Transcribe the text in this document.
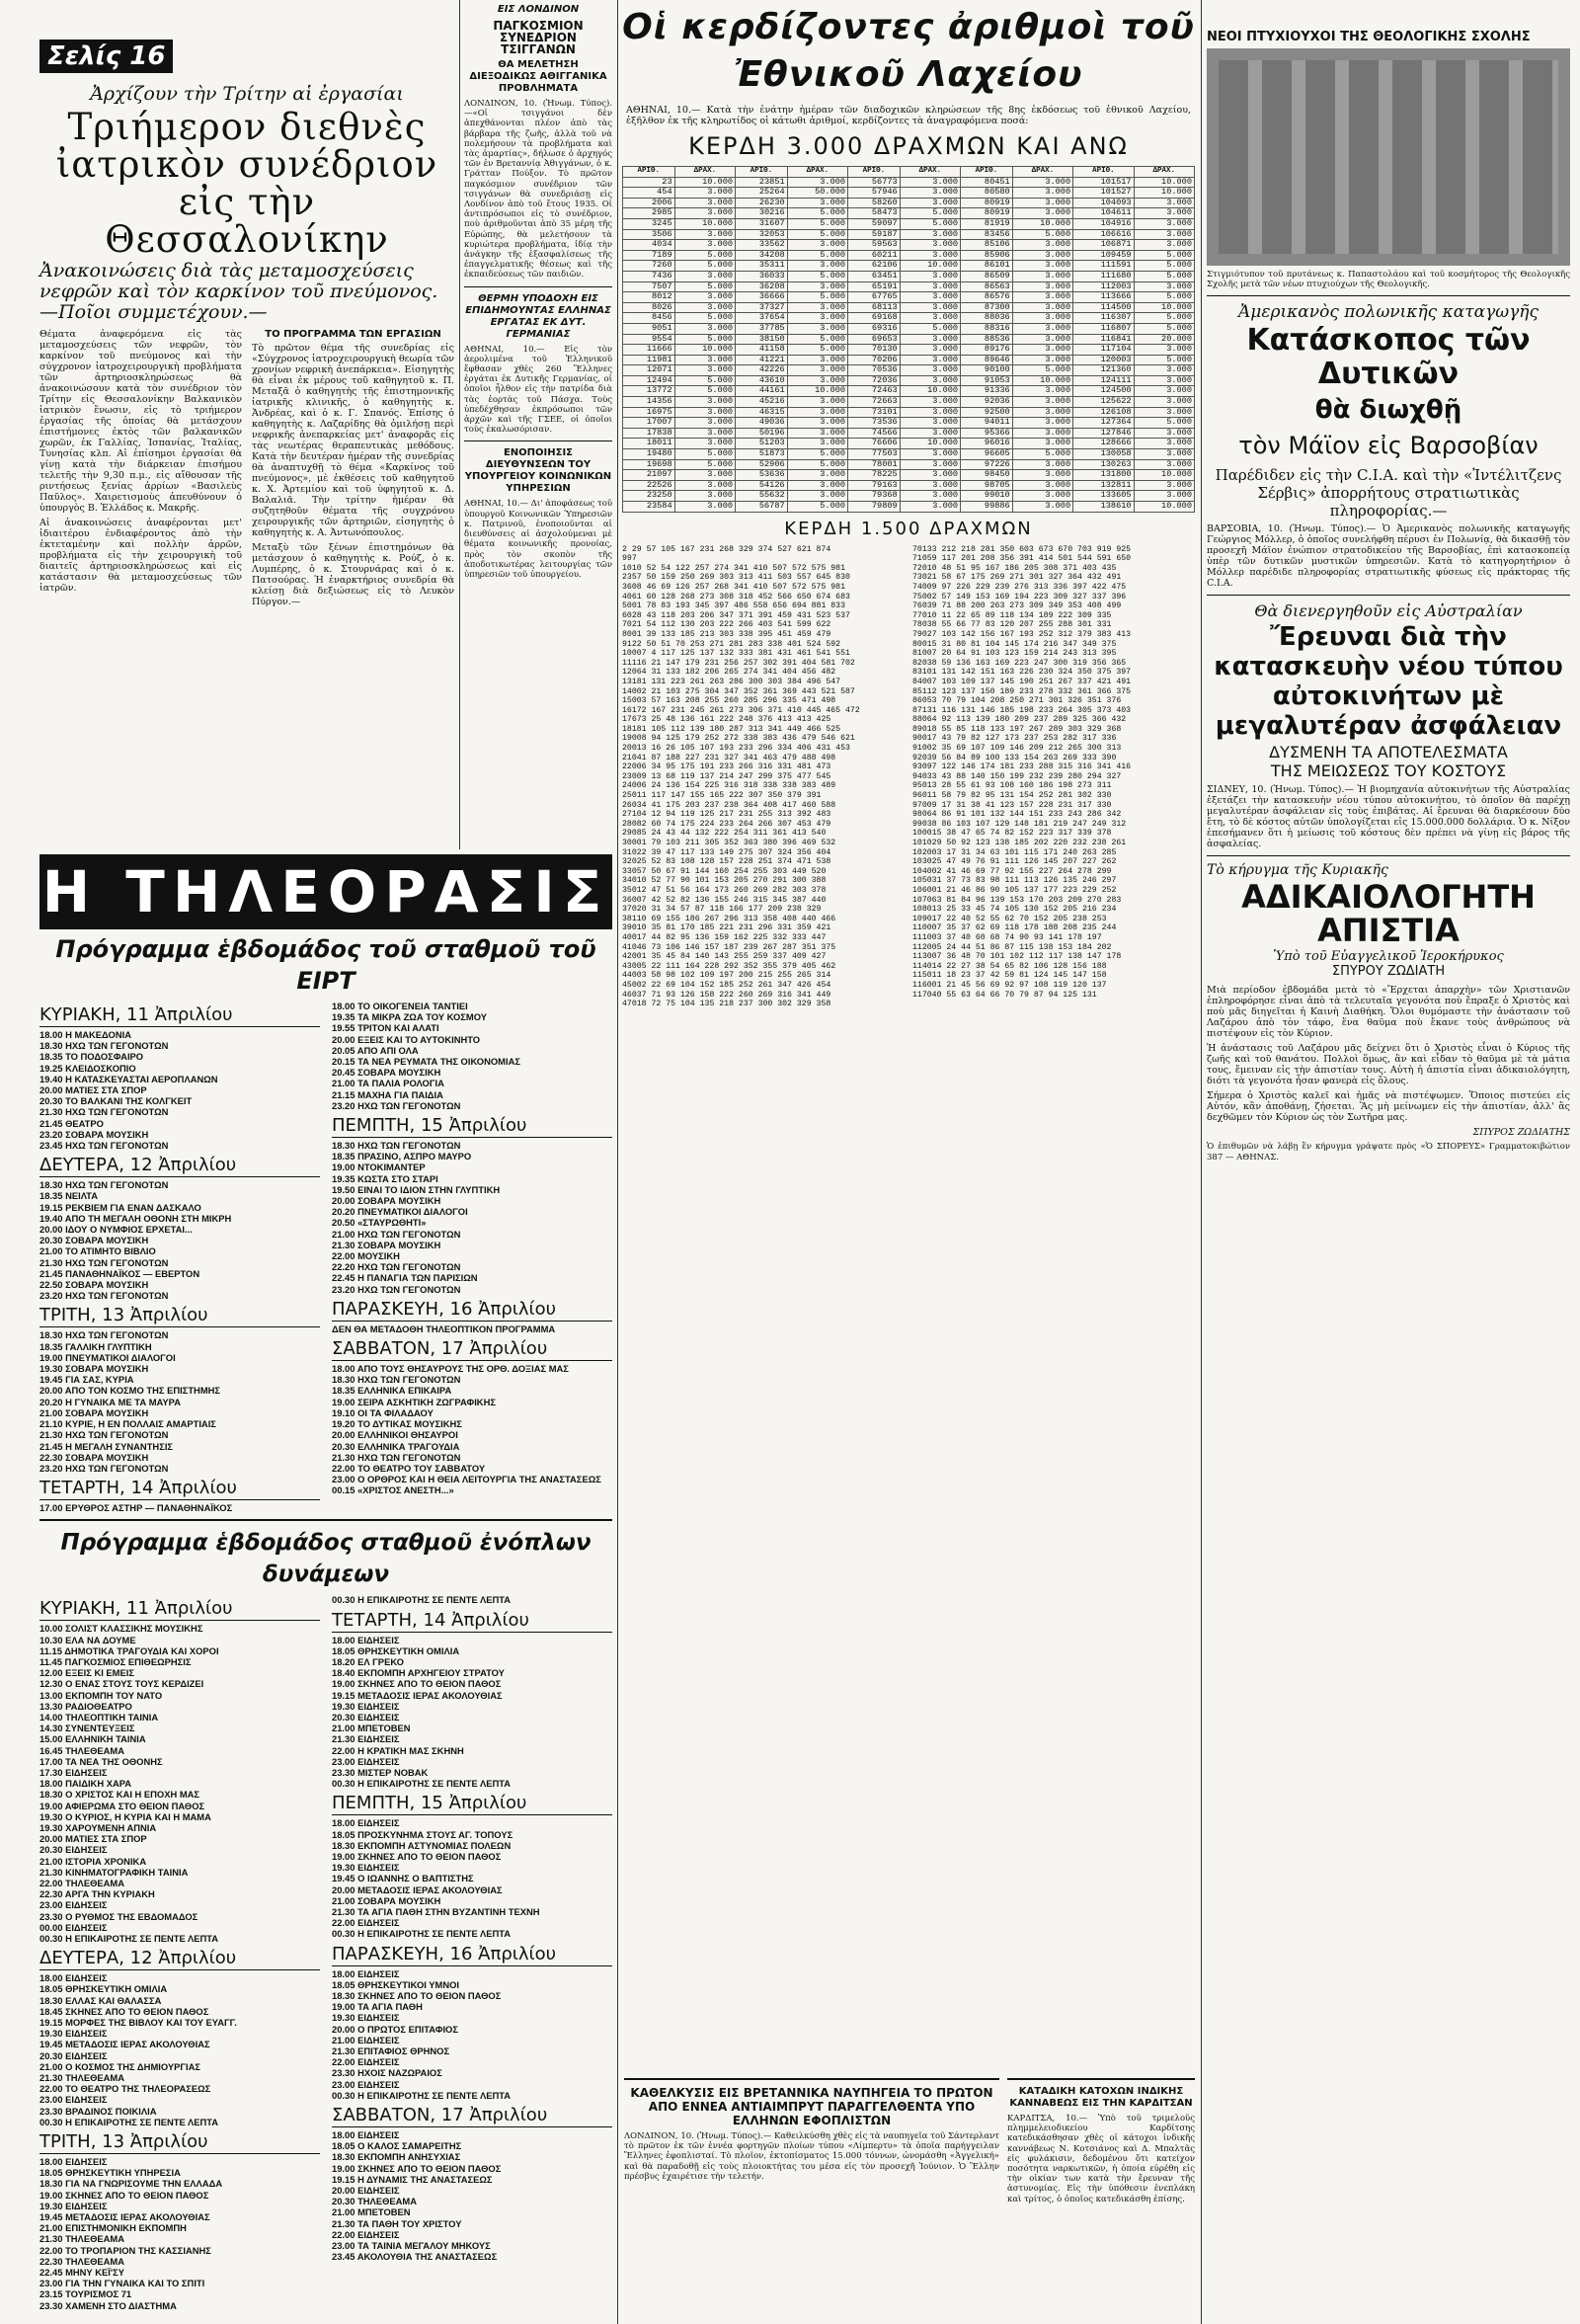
Σελίς 16
Ἀρχίζουν τὴν Τρίτην αἱ ἐργασίαι
Τριήμερον διεθνὲς ἰατρικὸν συνέδριον εἰς τὴν Θεσσαλονίκην
Ἀνακοινώσεις διὰ τὰς μεταμοσχεύσεις νεφρῶν καὶ τὸν καρκίνον τοῦ πνεύμονος.—Ποῖοι συμμετέχουν.—

Θέματα ἀναφερόμενα εἰς τὰς μεταμοσχεύσεις τῶν νεφρῶν, τὸν καρκίνον τοῦ πνεύμονος καὶ τὴν σύγχρονον ἰατροχειρουργικὴ προβλήματα τῶν ἀρτηριοσκληρώσεως θὰ ἀνακοινώσουν κατὰ τὸν συνέδριον τὸν Τρίτην εἰς Θεσσαλονίκην Βαλκανικὸν ἰατρικὸν ἕνωσιν, εἰς τὸ τριήμερον ἐργασίας τῆς ὁποίας θὰ μετάσχουν ἐπιστήμονες ἐκτὸς τῶν βαλκανικῶν χωρῶν, ἐκ Γαλλίας, Ἰσπανίας, Ἰταλίας, Τυνησίας κλπ. Αἱ ἐπίσημοι ἐργασίαι θὰ γίνῃ κατὰ τὴν διάρκειαν ἐπισήμου τελετῆς τὴν 9,30 π.μ., εἰς αἴθουσαν τῆς ριντήσεως ξενίας ἀρρίων «Βασιλεὺς Παῦλος». Χαιρετισμοὺς ἀπευθύνουν ὁ ὑπουργὸς Β. Ἑλλάδος κ. Μακρῆς.

Αἱ ἀνακοινώσεις ἀναφέρονται μετ' ἰδιαιτέρου ἐνδιαφέροντος ἀπὸ τὴν ἐκτεταμένην καὶ πολλὴν ἀρρῶν, προβλήματα εἰς τὴν χειρουργικὴ τοῦ διαιτεῖς ἀρτηριοσκληρώσεως καὶ εἰς κατάστασιν θὰ μεταμοσχεύσεως τῶν ἰατρῶν.

ΤΟ ΠΡΟΓΡΑΜΜΑ ΤΩΝ ΕΡΓΑΣΙΩΝ

Τὸ πρῶτον θέμα τῆς συνεδρίας εἰς «Σύγχρονος ἰατροχειρουργικὴ θεωρία τῶν χρονίων νεφρικὴ ἀνεπάρκεια». Εἰσηγητὴς θὰ εἶναι ἐκ μέρους τοῦ καθηγητοῦ κ. Π. Μεταξᾶ ὁ καθηγητὴς τῆς ἐπιστημονικῆς ἰατρικῆς κλινικῆς, ὁ καθηγητὴς κ. Ἀνδρέας, καὶ ὁ κ. Γ. Σπανός. Ἐπίσης ὁ καθηγητὴς κ. Λαζαρίδης θὰ ὁμιλήσῃ περὶ νεφρικῆς ἀνεπαρκείας μετ' ἀναφορᾶς εἰς τὰς νεωτέρας θεραπευτικὰς μεθόδους. Κατὰ τὴν δευτέραν ἡμέραν τῆς συνεδρίας θὰ ἀναπτυχθῇ τὸ θέμα «Καρκίνος τοῦ πνεύμονος», μὲ ἐκθέσεις τοῦ καθηγητοῦ κ. Χ. Ἀρτεμίου καὶ τοῦ ὑφηγητοῦ κ. Δ. Βαλαλιᾶ. Τὴν τρίτην ἡμέραν θὰ συζητηθοῦν θέματα τῆς συγχρόνου χειρουργικῆς τῶν ἀρτηριῶν, εἰσηγητὴς ὁ καθηγητὴς κ. Α. Ἀντωνόπουλος.

Μεταξὺ τῶν ξένων ἐπιστημόνων θὰ μετάσχουν ὁ καθηγητὴς κ. Ρούζ, ὁ κ. Λυμπέρης, ὁ κ. Στουρνάρας καὶ ὁ κ. Πατσούρας. Ἡ ἐναρκτήριος συνεδρία θὰ κλείσῃ διὰ δεξιώσεως εἰς τὸ Λευκὸν Πύργον.—

ΕΙΣ ΛΟΝΔΙΝΟΝ
ΠΑΓΚΟΣΜΙΟΝ ΣΥΝΕΔΡΙΟΝ ΤΣΙΓΓΑΝΩΝ
ΘΑ ΜΕΛΕΤΗΣΗ ΔΙΕΞΟΔΙΚΩΣ ΑΘΙΓΓΑΝΙΚΑ ΠΡΟΒΛΗΜΑΤΑ

ΛΟΝΔΙΝΟΝ, 10. (Ἠνωμ. Τύπος).—«Οἱ τσιγγάνοι δὲν ἀπεχθάνονται πλέον ἀπὸ τὰς βάρβαρα τῆς ζωῆς, ἀλλὰ τοῦ νὰ πολεμήσουν τὰ προβλήματα καὶ τὰς ἀμαρτίας», δήλωσε ὁ ἀρχηγός τῶν ἐν Βρεταννίᾳ Ἀθιγγάνων, ὁ κ. Γράτταν Πούξον. Τὸ πρῶτον παγκόσμιον συνέδριον τῶν τσιγγάνων θὰ συνεδριάσῃ εἰς Λονδίνον ἀπὸ τοῦ ἔτους 1935. Οἱ ἀντιπρόσωποι εἰς τὸ συνέδριον, ποὺ ἀριθμοῦνται ἀπὸ 35 μέρη τῆς Εὐρώπης, θὰ μελετήσουν τὰ κυριώτερα προβλήματα, ἰδίᾳ τὴν ἀνάγκην τῆς ἐξασφαλίσεως τῆς ἐπαγγελματικῆς θέσεως καὶ τῆς ἐκπαιδεύσεως τῶν παιδιῶν.

ΘΕΡΜΗ ΥΠΟΔΟΧΗ ΕΙΣ ΕΠΙΔΗΜΟΥΝΤΑΣ ΕΛΛΗΝΑΣ ΕΡΓΑΤΑΣ ΕΚ ΔΥΤ. ΓΕΡΜΑΝΙΑΣ

ΑΘΗΝΑΙ, 10.— Εἰς τὸν ἀερολιμένα τοῦ Ἑλληνικοῦ ἔφθασαν χθὲς 260 Ἕλληνες ἐργάται ἐκ Δυτικῆς Γερμανίας, οἱ ὁποῖοι ἦλθον εἰς τὴν πατρίδα διὰ τὰς ἑορτὰς τοῦ Πάσχα. Τοὺς ὑπεδέχθησαν ἐκπρόσωποι τῶν ἀρχῶν καὶ τῆς ΓΣΕΕ, οἱ ὁποῖοι τοὺς ἐκαλωσόρισαν.

ΕΝΟΠΟΙΗΣΙΣ ΔΙΕΥΘΥΝΣΕΩΝ ΤΟΥ ΥΠΟΥΡΓΕΙΟΥ ΚΟΙΝΩΝΙΚΩΝ ΥΠΗΡΕΣΙΩΝ

ΑΘΗΝΑΙ, 10.— Δι' ἀποφάσεως τοῦ ὑπουργοῦ Κοινωνικῶν Ὑπηρεσιῶν κ. Πατρινοῦ, ἑνοποιοῦνται αἱ διευθύνσεις αἱ ἀσχολούμεναι μὲ θέματα κοινωνικῆς προνοίας, πρὸς τὸν σκοπὸν τῆς ἀποδοτικωτέρας λειτουργίας τῶν ὑπηρεσιῶν τοῦ ὑπουργείου.

Η ΤΗΛΕΟΡΑΣΙΣ
Πρόγραμμα ἑβδομάδος τοῦ σταθμοῦ τοῦ ΕΙΡΤ
ΚΥΡΙΑΚΗ, 11 Ἀπριλίου
18.00 Η ΜΑΚΕΔΟΝΙΑ
18.30 ΗΧΩ ΤΩΝ ΓΕΓΟΝΟΤΩΝ
18.35 ΤΟ ΠΟΔΟΣΦΑΙΡΟ
19.25 ΚΛΕΙΔΟΣΚΟΠΙΟ
19.40 Η ΚΑΤΑΣΚΕΥΑΣΤΑΙ ΑΕΡΟΠΛΑΝΩΝ
20.00 ΜΑΤΙΕΣ ΣΤΑ ΣΠΟΡ
20.30 ΤΟ ΒΑΛΚΑΝΙ ΤΗΣ ΚΟΛΓΚΕΙΤ
21.30 ΗΧΩ ΤΩΝ ΓΕΓΟΝΟΤΩΝ
21.45 ΘΕΑΤΡΟ
23.20 ΣΟΒΑΡΑ ΜΟΥΣΙΚΗ
23.45 ΗΧΩ ΤΩΝ ΓΕΓΟΝΟΤΩΝ
ΔΕΥΤΕΡΑ, 12 Ἀπριλίου
18.30 ΗΧΩ ΤΩΝ ΓΕΓΟΝΟΤΩΝ
18.35 ΝΕΙΛΤΑ
19.15 ΡΕΚΒΙΕΜ ΓΙΑ ΕΝΑΝ ΔΑΣΚΑΛΟ
19.40 ΑΠΟ ΤΗ ΜΕΓΑΛΗ ΟΘΟΝΗ ΣΤΗ ΜΙΚΡΗ
20.00 ΙΔΟΥ Ο ΝΥΜΦΙΟΣ ΕΡΧΕΤΑΙ...
20.30 ΣΟΒΑΡΑ ΜΟΥΣΙΚΗ
21.00 ΤΟ ΑΤΙΜΗΤΟ ΒΙΒΛΙΟ
21.30 ΗΧΩ ΤΩΝ ΓΕΓΟΝΟΤΩΝ
21.45 ΠΑΝΑΘΗΝΑΪΚΟΣ — ΕΒΕΡΤΟΝ
22.50 ΣΟΒΑΡΑ ΜΟΥΣΙΚΗ
23.20 ΗΧΩ ΤΩΝ ΓΕΓΟΝΟΤΩΝ
ΤΡΙΤΗ, 13 Ἀπριλίου
18.30 ΗΧΩ ΤΩΝ ΓΕΓΟΝΟΤΩΝ
18.35 ΓΑΛΛΙΚΗ ΓΛΥΠΤΙΚΗ
19.00 ΠΝΕΥΜΑΤΙΚΟΙ ΔΙΑΛΟΓΟΙ
19.30 ΣΟΒΑΡΑ ΜΟΥΣΙΚΗ
19.45 ΓΙΑ ΣΑΣ, ΚΥΡΙΑ
20.00 ΑΠΟ ΤΟΝ ΚΟΣΜΟ ΤΗΣ ΕΠΙΣΤΗΜΗΣ
20.20 Η ΓΥΝΑΙΚΑ ΜΕ ΤΑ ΜΑΥΡΑ
21.00 ΣΟΒΑΡΑ ΜΟΥΣΙΚΗ
21.10 ΚΥΡΙΕ, Η ΕΝ ΠΟΛΛΑΙΣ ΑΜΑΡΤΙΑΙΣ
21.30 ΗΧΩ ΤΩΝ ΓΕΓΟΝΟΤΩΝ
21.45 Η ΜΕΓΑΛΗ ΣΥΝΑΝΤΗΣΙΣ
22.30 ΣΟΒΑΡΑ ΜΟΥΣΙΚΗ
23.20 ΗΧΩ ΤΩΝ ΓΕΓΟΝΟΤΩΝ
ΤΕΤΑΡΤΗ, 14 Ἀπριλίου
17.00 ΕΡΥΘΡΟΣ ΑΣΤΗΡ — ΠΑΝΑΘΗΝΑΪΚΟΣ
18.00 ΤΟ ΟΙΚΟΓΕΝΕΙΑ ΤΑΝΤΙΕΙ
19.35 ΤΑ ΜΙΚΡΑ ΖΩΑ ΤΟΥ ΚΟΣΜΟΥ
19.55 ΤΡΙΤΟΝ ΚΑΙ ΑΛΑΤΙ
20.00 ΕΞΕΙΣ ΚΑΙ ΤΟ ΑΥΤΟΚΙΝΗΤΟ
20.05 ΑΠΟ ΑΠΙ ΟΛΑ
20.15 ΤΑ ΝΕΑ ΡΕΥΜΑΤΑ ΤΗΣ ΟΙΚΟΝΟΜΙΑΣ
20.45 ΣΟΒΑΡΑ ΜΟΥΣΙΚΗ
21.00 ΤΑ ΠΑΛΙΑ ΡΟΛΟΓΙΑ
21.15 ΜΑΧΗΑ ΓΙΑ ΠΑΙΔΙΑ
23.20 ΗΧΩ ΤΩΝ ΓΕΓΟΝΟΤΩΝ
ΠΕΜΠΤΗ, 15 Ἀπριλίου
18.30 ΗΧΩ ΤΩΝ ΓΕΓΟΝΟΤΩΝ
18.35 ΠΡΑΣΙΝΟ, ΑΣΠΡΟ ΜΑΥΡΟ
19.00 ΝΤΟΚΙΜΑΝΤΕΡ
19.35 ΚΩΣΤΑ ΣΤΟ ΣΤΑΡΙ
19.50 ΕΙΝΑΙ ΤΟ ΙΔΙΟΝ ΣΤΗΝ ΓΛΥΠΤΙΚΗ
20.00 ΣΟΒΑΡΑ ΜΟΥΣΙΚΗ
20.20 ΠΝΕΥΜΑΤΙΚΟΙ ΔΙΑΛΟΓΟΙ
20.50 «ΣΤΑΥΡΩΘΗΤΙ»
21.00 ΗΧΩ ΤΩΝ ΓΕΓΟΝΟΤΩΝ
21.30 ΣΟΒΑΡΑ ΜΟΥΣΙΚΗ
22.00 ΜΟΥΣΙΚΗ
22.20 ΗΧΩ ΤΩΝ ΓΕΓΟΝΟΤΩΝ
22.45 Η ΠΑΝΑΓΙΑ ΤΩΝ ΠΑΡΙΣΙΩΝ
23.20 ΗΧΩ ΤΩΝ ΓΕΓΟΝΟΤΩΝ
ΠΑΡΑΣΚΕΥΗ, 16 Ἀπριλίου
ΔΕΝ ΘΑ ΜΕΤΑΔΟΘΗ ΤΗΛΕΟΠΤΙΚΟΝ ΠΡΟΓΡΑΜΜΑ
ΣΑΒΒΑΤΟΝ, 17 Ἀπριλίου
18.00 ΑΠΟ ΤΟΥΣ ΘΗΣΑΥΡΟΥΣ ΤΗΣ ΟΡΘ. ΔΟΞΙΑΣ ΜΑΣ
18.30 ΗΧΩ ΤΩΝ ΓΕΓΟΝΟΤΩΝ
18.35 ΕΛΛΗΝΙΚΑ ΕΠΙΚΑΙΡΑ
19.00 ΣΕΙΡΑ ΑΣΚΗΤΙΚΗ ΖΩΓΡΑΦΙΚΗΣ
19.10 ΟΙ ΤΑ ΦΙΛΑΔΑΟΥ
19.20 ΤΟ ΔΥΤΙΚΑΣ ΜΟΥΣΙΚΗΣ
20.00 ΕΛΛΗΝΙΚΟΙ ΘΗΣΑΥΡΟΙ
20.30 ΕΛΛΗΝΙΚΑ ΤΡΑΓΟΥΔΙΑ
21.30 ΗΧΩ ΤΩΝ ΓΕΓΟΝΟΤΩΝ
22.00 ΤΟ ΘΕΑΤΡΟ ΤΟΥ ΣΑΒΒΑΤΟΥ
23.00 Ο ΟΡΘΡΟΣ ΚΑΙ Η ΘΕΙΑ ΛΕΙΤΟΥΡΓΙΑ ΤΗΣ ΑΝΑΣΤΑΣΕΩΣ
00.15 «ΧΡΙΣΤΟΣ ΑΝΕΣΤΗ...»
Πρόγραμμα ἑβδομάδος σταθμοῦ ἐνόπλων δυνάμεων
ΚΥΡΙΑΚΗ, 11 Ἀπριλίου
10.00 ΣΟΛΙΣΤ ΚΛΑΣΣΙΚΗΣ ΜΟΥΣΙΚΗΣ
10.30 ΕΛΑ ΝΑ ΔΟΥΜΕ
11.15 ΔΗΜΟΤΙΚΑ ΤΡΑΓΟΥΔΙΑ ΚΑΙ ΧΟΡΟΙ
11.45 ΠΑΓΚΟΣΜΙΟΣ ΕΠΙΘΕΩΡΗΣΙΣ
12.00 ΕΞΕΙΣ ΚΙ ΕΜΕΙΣ
12.30 Ο ΕΝΑΣ ΣΤΟΥΣ ΤΟΥΣ ΚΕΡΔΙΖΕΙ
13.00 ΕΚΠΟΜΠΗ ΤΟΥ ΝΑΤΟ
13.30 ΡΑΔΙΟΘΕΑΤΡΟ
14.00 ΤΗΛΕΟΠΤΙΚΗ ΤΑΙΝΙΑ
14.30 ΣΥΝΕΝΤΕΥΞΕΙΣ
15.00 ΕΛΛΗΝΙΚΗ ΤΑΙΝΙΑ
16.45 ΤΗΛΕΘΕΑΜΑ
17.00 ΤΑ ΝΕΑ ΤΗΣ ΟΘΟΝΗΣ
17.30 ΕΙΔΗΣΕΙΣ
18.00 ΠΑΙΔΙΚΗ ΧΑΡΑ
18.30 Ο ΧΡΙΣΤΟΣ ΚΑΙ Η ΕΠΟΧΗ ΜΑΣ
19.00 ΑΦΙΕΡΩΜΑ ΣΤΟ ΘΕΙΟΝ ΠΑΘΟΣ
19.30 Ο ΚΥΡΙΟΣ, Η ΚΥΡΙΑ ΚΑΙ Η ΜΑΜΑ
19.30 ΧΑΡΟΥΜΕΝΗ ΑΠΝΙΑ
20.00 ΜΑΤΙΕΣ ΣΤΑ ΣΠΟΡ
20.30 ΕΙΔΗΣΕΙΣ
21.00 ΙΣΤΟΡΙΑ ΧΡΟΝΙΚΑ
21.30 ΚΙΝΗΜΑΤΟΓΡΑΦΙΚΗ ΤΑΙΝΙΑ
22.00 ΤΗΛΕΘΕΑΜΑ
22.30 ΑΡΓΑ ΤΗΝ ΚΥΡΙΑΚΗ
23.00 ΕΙΔΗΣΕΙΣ
23.30 Ο ΡΥΘΜΟΣ ΤΗΣ ΕΒΔΟΜΑΔΟΣ
00.00 ΕΙΔΗΣΕΙΣ
00.30 Η ΕΠΙΚΑΙΡΟΤΗΣ ΣΕ ΠΕΝΤΕ ΛΕΠΤΑ
ΔΕΥΤΕΡΑ, 12 Ἀπριλίου
18.00 ΕΙΔΗΣΕΙΣ
18.05 ΘΡΗΣΚΕΥΤΙΚΗ ΟΜΙΛΙΑ
18.30 ΕΛΛΑΣ ΚΑΙ ΘΑΛΑΣΣΑ
18.45 ΣΚΗΝΕΣ ΑΠΟ ΤΟ ΘΕΙΟΝ ΠΑΘΟΣ
19.15 ΜΟΡΦΕΣ ΤΗΣ ΒΙΒΛΟΥ ΚΑΙ ΤΟΥ ΕΥΑΓΓ.
19.30 ΕΙΔΗΣΕΙΣ
19.45 ΜΕΤΑΔΟΣΙΣ ΙΕΡΑΣ ΑΚΟΛΟΥΘΙΑΣ
20.30 ΕΙΔΗΣΕΙΣ
21.00 Ο ΚΟΣΜΟΣ ΤΗΣ ΔΗΜΙΟΥΡΓΙΑΣ
21.30 ΤΗΛΕΘΕΑΜΑ
22.00 ΤΟ ΘΕΑΤΡΟ ΤΗΣ ΤΗΛΕΟΡΑΣΕΩΣ
23.00 ΕΙΔΗΣΕΙΣ
23.30 ΒΡΑΔΙΝΟΣ ΠΟΙΚΙΛΙΑ
00.30 Η ΕΠΙΚΑΙΡΟΤΗΣ ΣΕ ΠΕΝΤΕ ΛΕΠΤΑ
ΤΡΙΤΗ, 13 Ἀπριλίου
18.00 ΕΙΔΗΣΕΙΣ
18.05 ΘΡΗΣΚΕΥΤΙΚΗ ΥΠΗΡΕΣΙΑ
18.30 ΓΙΑ ΝΑ ΓΝΩΡΙΣΟΥΜΕ ΤΗΝ ΕΛΛΑΔΑ
19.00 ΣΚΗΝΕΣ ΑΠΟ ΤΟ ΘΕΙΟΝ ΠΑΘΟΣ
19.30 ΕΙΔΗΣΕΙΣ
19.45 ΜΕΤΑΔΟΣΙΣ ΙΕΡΑΣ ΑΚΟΛΟΥΘΙΑΣ
21.00 ΕΠΙΣΤΗΜΟΝΙΚΗ ΕΚΠΟΜΠΗ
21.30 ΤΗΛΕΘΕΑΜΑ
22.00 ΤΟ ΤΡΟΠΑΡΙΟΝ ΤΗΣ ΚΑΣΣΙΑΝΗΣ
22.30 ΤΗΛΕΘΕΑΜΑ
22.45 ΜΗΝΥ ΚΕΪ'ΣΥ
23.00 ΓΙΑ ΤΗΝ ΓΥΝΑΙΚΑ ΚΑΙ ΤΟ ΣΠΙΤΙ
23.15 ΤΟΥΡΙΣΜΟΣ 71
23.30 ΧΑΜΕΝΗ ΣΤΟ ΔΙΑΣΤΗΜΑ
00.30 Η ΕΠΙΚΑΙΡΟΤΗΣ ΣΕ ΠΕΝΤΕ ΛΕΠΤΑ
ΤΕΤΑΡΤΗ, 14 Ἀπριλίου
18.00 ΕΙΔΗΣΕΙΣ
18.05 ΘΡΗΣΚΕΥΤΙΚΗ ΟΜΙΛΙΑ
18.20 ΕΛ ΓΡΕΚΟ
18.40 ΕΚΠΟΜΠΗ ΑΡΧΗΓΕΙΟΥ ΣΤΡΑΤΟΥ
19.00 ΣΚΗΝΕΣ ΑΠΟ ΤΟ ΘΕΙΟΝ ΠΑΘΟΣ
19.15 ΜΕΤΑΔΟΣΙΣ ΙΕΡΑΣ ΑΚΟΛΟΥΘΙΑΣ
19.30 ΕΙΔΗΣΕΙΣ
20.30 ΕΙΔΗΣΕΙΣ
21.00 ΜΠΕΤΟΒΕΝ
21.30 ΕΙΔΗΣΕΙΣ
22.00 Η ΚΡΑΤΙΚΗ ΜΑΣ ΣΚΗΝΗ
23.00 ΕΙΔΗΣΕΙΣ
23.30 ΜΙΣΤΕΡ ΝΟΒΑΚ
00.30 Η ΕΠΙΚΑΙΡΟΤΗΣ ΣΕ ΠΕΝΤΕ ΛΕΠΤΑ
ΠΕΜΠΤΗ, 15 Ἀπριλίου
18.00 ΕΙΔΗΣΕΙΣ
18.05 ΠΡΟΣΚΥΝΗΜΑ ΣΤΟΥΣ ΑΓ. ΤΟΠΟΥΣ
18.30 ΕΚΠΟΜΠΗ ΑΣΤΥΝΟΜΙΑΣ ΠΟΛΕΩΝ
19.00 ΣΚΗΝΕΣ ΑΠΟ ΤΟ ΘΕΙΟΝ ΠΑΘΟΣ
19.30 ΕΙΔΗΣΕΙΣ
19.45 Ο ΙΩΑΝΝΗΣ Ο ΒΑΠΤΙΣΤΗΣ
20.00 ΜΕΤΑΔΟΣΙΣ ΙΕΡΑΣ ΑΚΟΛΟΥΘΙΑΣ
21.00 ΣΟΒΑΡΑ ΜΟΥΣΙΚΗ
21.30 ΤΑ ΑΓΙΑ ΠΑΘΗ ΣΤΗΝ ΒΥΖΑΝΤΙΝΗ ΤΕΧΝΗ
22.00 ΕΙΔΗΣΕΙΣ
00.30 Η ΕΠΙΚΑΙΡΟΤΗΣ ΣΕ ΠΕΝΤΕ ΛΕΠΤΑ
ΠΑΡΑΣΚΕΥΗ, 16 Ἀπριλίου
18.00 ΕΙΔΗΣΕΙΣ
18.05 ΘΡΗΣΚΕΥΤΙΚΟΙ ΥΜΝΟΙ
18.30 ΣΚΗΝΕΣ ΑΠΟ ΤΟ ΘΕΙΟΝ ΠΑΘΟΣ
19.00 ΤΑ ΑΓΙΑ ΠΑΘΗ
19.30 ΕΙΔΗΣΕΙΣ
20.00 Ο ΠΡΩΤΟΣ ΕΠΙΤΑΦΙΟΣ
21.00 ΕΙΔΗΣΕΙΣ
21.30 ΕΠΙΤΑΦΙΟΣ ΘΡΗΝΟΣ
22.00 ΕΙΔΗΣΕΙΣ
23.30 ΗΧΟΙΣ ΝΑΖΩΡΑΙΟΣ
23.00 ΕΙΔΗΣΕΙΣ
00.30 Η ΕΠΙΚΑΙΡΟΤΗΣ ΣΕ ΠΕΝΤΕ ΛΕΠΤΑ
ΣΑΒΒΑΤΟΝ, 17 Ἀπριλίου
18.00 ΕΙΔΗΣΕΙΣ
18.05 Ο ΚΑΛΟΣ ΣΑΜΑΡΕΙΤΗΣ
18.30 ΕΚΠΟΜΠΗ ΑΝΗΣΥΧΙΑΣ
19.00 ΣΚΗΝΕΣ ΑΠΟ ΤΟ ΘΕΙΟΝ ΠΑΘΟΣ
19.15 Η ΔΥΝΑΜΙΣ ΤΗΣ ΑΝΑΣΤΑΣΕΩΣ
20.00 ΕΙΔΗΣΕΙΣ
20.30 ΤΗΛΕΘΕΑΜΑ
21.00 ΜΠΕΤΟΒΕΝ
21.30 ΤΑ ΠΑΘΗ ΤΟΥ ΧΡΙΣΤΟΥ
22.00 ΕΙΔΗΣΕΙΣ
23.00 ΤΑ ΤΑΙΝΙΑ ΜΕΓΑΛΟΥ ΜΗΚΟΥΣ
23.45 ΑΚΟΛΟΥΘΙΑ ΤΗΣ ΑΝΑΣΤΑΣΕΩΣ
Οἱ κερδίζοντες ἀριθμοὶ τοῦ Ἐθνικοῦ Λαχείου

ΑΘΗΝΑΙ, 10.— Κατὰ τὴν ἐνάτην ἡμέραν τῶν διαδοχικῶν κληρώσεων τῆς 8ης ἐκδόσεως τοῦ ἐθνικοῦ Λαχείου, ἐξῆλθον ἐκ τῆς κληρωτίδος οἱ κάτωθι ἀριθμοί, κερδίζοντες τὰ ἀναγραφόμενα ποσά:

ΚΕΡΔΗ 3.000 ΔΡΑΧΜΩΝ ΚΑΙ ΑΝΩ
ΑΡΙΘ.	ΔΡΑΧ.	ΑΡΙΘ.	ΔΡΑΧ.	ΑΡΙΘ.	ΔΡΑΧ.	ΑΡΙΘ.	ΔΡΑΧ.	ΑΡΙΘ.	ΔΡΑΧ.
23	10.000	23851	3.000	56773	3.000	80451	3.000	101517	10.000
454	3.000	25264	50.000	57946	3.000	80580	3.000	101527	10.000
2006	3.000	26230	3.000	58260	3.000	80919	3.000	104093	3.000
2985	3.000	30216	5.000	58473	5.000	80919	3.000	104611	3.000
3245	10.000	31607	5.000	59097	5.000	81919	10.000	104916	3.000
3506	3.000	32053	5.000	59187	3.000	83456	5.000	106616	3.000
4034	3.000	33562	3.000	59563	3.000	85106	3.000	106871	3.000
7189	5.000	34208	5.000	60211	3.000	85906	3.000	109459	5.000
7260	5.000	35311	3.000	62106	10.000	86101	3.000	111591	5.000
7436	3.000	36033	5.000	63451	3.000	86509	3.000	111680	5.000
7507	5.000	36208	3.000	65191	3.000	86563	3.000	112003	3.000
8012	3.000	36666	5.000	67765	3.000	86576	3.000	113666	5.000
8026	3.000	37327	3.000	68113	3.000	87300	3.000	114500	10.000
8456	5.000	37654	3.000	69168	3.000	88036	3.000	116307	5.000
9051	3.000	37785	3.000	69316	5.000	88316	3.000	116807	5.000
9554	5.000	38150	5.000	69653	3.000	88536	3.000	116841	20.000
11666	10.000	41158	5.000	70130	3.000	89176	3.000	117104	3.000
11981	3.000	41221	3.000	70206	3.000	89646	3.000	120003	5.000
12071	3.000	42226	3.000	70536	3.000	90100	5.000	121360	3.000
12494	5.000	43610	3.000	72036	3.000	91053	10.000	124111	3.000
13772	5.000	44161	10.000	72463	10.000	91336	3.000	124500	3.000
14356	3.000	45216	3.000	72663	3.000	92036	3.000	125622	3.000
16975	3.000	46315	3.000	73101	3.000	92500	3.000	126108	3.000
17007	3.000	49036	3.000	73536	3.000	94011	3.000	127364	5.000
17838	3.000	50196	3.000	74566	3.000	95366	3.000	127846	3.000
18011	3.000	51203	3.000	76606	10.000	96016	3.000	128666	3.000
19480	5.000	51873	5.000	77503	3.000	96605	5.000	130058	3.000
19698	5.000	52906	5.000	78001	3.000	97226	3.000	130263	3.000
21097	3.000	53636	3.000	78225	3.000	98450	3.000	131800	10.000
22526	3.000	54126	3.000	79163	3.000	98705	3.000	132811	3.000
23250	3.000	55632	3.000	79368	3.000	99010	3.000	133605	3.000
23584	3.000	56787	5.000	79809	3.000	99886	3.000	138610	10.000
ΚΕΡΔΗ 1.500 ΔΡΑΧΜΩΝ
2 29 57 105 167 231 268 329 374 527 621 874
997
1010 52 54 122 257 274 341 410 507 572 575 981
2357 50 159 250 269 303 313 411 503 557 645 830
3608 46 69 126 257 268 341 410 507 572 575 981
4061 60 128 268 273 308 318 452 566 650 674 683
5001 78 83 193 345 397 486 558 656 694 881 833
6028 43 118 203 206 347 371 391 459 431 523 537
7021 54 112 130 203 222 266 403 541 599 622
8001 39 133 185 213 303 338 395 451 459 479
9122 50 51 70 253 271 281 283 338 401 524 592
10007 4 117 125 137 132 333 381 431 461 541 551
11116 21 147 179 231 256 257 302 391 404 581 702
12064 31 133 182 206 265 274 341 404 456 482
13181 131 223 261 263 286 300 303 384 496 547
14002 21 103 275 304 347 352 361 369 443 521 587
15003 57 163 208 255 260 285 296 335 471 498
16172 167 231 245 261 273 306 371 410 445 465 472
17673 25 48 136 161 222 248 376 413 413 425
18181 105 112 139 180 287 313 341 449 466 525
19008 94 125 179 252 272 338 383 436 479 546 621
20013 16 26 105 107 193 233 296 334 406 431 453
21041 87 188 227 231 327 341 463 479 488 498
22006 34 95 175 191 233 266 316 331 481 473
23009 13 68 119 137 214 247 299 375 477 545
24006 24 136 154 225 316 318 338 338 383 489
25011 117 147 155 165 222 307 350 379 391
26034 41 175 203 237 238 364 408 417 460 588
27104 12 94 119 125 217 231 255 313 392 483
28082 60 74 175 224 233 264 266 307 453 479
29085 24 43 44 132 222 254 311 361 413 540
30001 79 103 211 305 352 363 380 396 469 532
31022 39 47 117 133 149 275 307 324 356 404
32025 52 83 108 128 157 228 251 374 471 538
33057 50 67 91 144 160 254 255 303 449 520
34010 52 77 90 101 153 205 270 291 300 388
35012 47 51 56 164 173 260 269 282 303 378
36007 42 52 82 136 155 246 315 345 387 440
37020 31 34 57 87 118 166 177 209 238 329
38110 69 155 186 267 296 313 358 408 440 466
39010 35 81 170 185 221 231 296 331 359 421
40017 44 82 95 136 159 162 225 332 333 447
41046 73 106 146 157 187 239 267 287 351 375
42001 35 45 84 140 143 255 259 337 409 427
43005 22 111 164 228 292 352 355 379 405 462
44003 58 98 102 109 197 200 215 255 265 314
45002 22 69 104 152 185 252 261 347 426 454
46037 71 93 126 158 222 260 269 316 341 449
47018 72 75 104 135 218 237 300 302 329 358
70133 212 218 281 350 603 673 670 703 919 925
71059 117 201 208 356 391 414 501 544 591 650
72010 48 51 95 167 186 205 308 371 403 435
73021 58 67 175 269 271 301 327 364 432 491
74009 97 226 229 239 276 313 336 397 422 475
75002 57 149 153 169 194 223 309 327 337 396
76039 71 88 200 263 273 309 349 353 408 499
77010 11 22 65 89 118 134 189 222 309 335
78038 55 66 77 83 120 207 255 288 301 331
79027 103 142 156 167 193 252 312 379 383 413
80015 31 80 81 104 145 174 216 347 349 375
81007 20 64 91 103 123 159 214 243 313 395
82038 59 136 163 169 223 247 300 319 356 365
83101 131 142 151 163 226 230 324 350 375 397
84007 103 109 137 145 190 251 267 337 421 491
85112 123 137 150 189 233 278 332 361 366 375
86053 70 79 104 208 250 271 301 326 351 376
87131 116 131 146 185 198 233 264 305 373 403
88064 92 113 139 180 209 237 289 325 366 432
89018 55 85 118 133 197 267 289 303 329 368
90017 43 79 82 127 173 237 253 282 317 336
91002 35 69 107 109 146 209 212 265 300 313
92039 56 84 89 100 133 154 263 269 333 390
93097 122 146 174 181 233 288 315 316 341 416
94033 43 88 140 150 199 232 239 280 294 327
95013 28 55 61 93 108 160 186 198 273 311
96011 58 79 82 95 131 154 252 281 302 330
97009 17 31 38 41 123 157 228 231 317 330
98064 86 91 101 132 144 151 233 243 286 342
99038 86 103 107 129 148 181 219 247 249 312
100015 38 47 65 74 82 152 223 317 339 378
101029 50 92 123 138 185 202 220 232 238 261
102003 17 31 34 63 101 115 171 240 263 285
103025 47 49 76 91 111 126 145 207 227 262
104002 41 46 69 77 92 155 227 264 278 299
105031 37 73 83 98 111 113 126 135 246 297
106001 21 46 86 90 105 137 177 223 229 252
107063 81 84 96 139 153 170 203 209 270 283
108013 25 33 45 74 105 130 152 205 216 234
109017 22 40 52 55 62 70 152 205 238 253
110007 35 37 62 69 118 178 188 208 235 244
111003 37 40 60 68 74 90 93 141 178 197
112005 24 44 51 86 87 115 138 153 184 202
113007 36 48 70 101 102 112 117 138 147 178
114014 22 27 38 54 65 82 106 128 156 188
115011 18 23 37 42 59 81 124 145 147 158
116001 21 45 56 69 92 97 108 119 120 137
117040 55 63 64 66 70 79 87 94 125 131
ΝΕΟΙ ΠΤΥΧΙΟΥΧΟΙ ΤΗΣ ΘΕΟΛΟΓΙΚΗΣ ΣΧΟΛΗΣ

Στιγμιότυπον τοῦ πρυτάνεως κ. Παπαστολάου καὶ τοῦ κοσμήτορος τῆς Θεολογικῆς Σχολῆς μετὰ τῶν νέων πτυχιούχων τῆς Θεολογικῆς.

Ἀμερικανὸς πολωνικῆς καταγωγῆς
Κατάσκοπος τῶν Δυτικῶν
θὰ διωχθῇ
τὸν Μάϊον εἰς Βαρσοβίαν
Παρέδιδεν εἰς τὴν C.I.A. καὶ τὴν «Ἰντέλιτζενς Σέρβις» ἀπορρήτους στρατιωτικὰς πληροφορίας.—

ΒΑΡΣΟΒΙΑ, 10. (Ἠνωμ. Τύπος).— Ὁ Ἀμερικανὸς πολωνικῆς καταγωγῆς Γεώργιος Μόλλερ, ὁ ὁποῖος συνελήφθη πέρυσι ἐν Πολωνίᾳ, θὰ δικασθῇ τὸν προσεχῆ Μάϊον ἐνώπιον στρατοδικείου τῆς Βαρσοβίας, ἐπὶ κατασκοπείᾳ ὑπὲρ τῶν δυτικῶν μυστικῶν ὑπηρεσιῶν. Κατὰ τὸ κατηγορητήριον ὁ Μόλλερ παρέδιδε πληροφορίας στρατιωτικῆς φύσεως εἰς πράκτορας τῆς C.I.A.

Θὰ διενεργηθοῦν εἰς Αὐστραλίαν
Ἔρευναι διὰ τὴν κατασκευὴν νέου τύπου αὐτοκινήτων μὲ μεγαλυτέραν ἀσφάλειαν
ΔΥΣΜΕΝΗ ΤΑ ΑΠΟΤΕΛΕΣΜΑΤΑ
ΤΗΣ ΜΕΙΩΣΕΩΣ ΤΟΥ ΚΟΣΤΟΥΣ

ΣΙΔΝΕΥ, 10. (Ἠνωμ. Τύπος).— Ἡ βιομηχανία αὐτοκινήτων τῆς Αὐστραλίας ἐξετάζει τὴν κατασκευὴν νέου τύπου αὐτοκινήτου, τὸ ὁποῖον θὰ παρέχῃ μεγαλυτέραν ἀσφάλειαν εἰς τοὺς ἐπιβάτας. Αἱ ἔρευναι θὰ διαρκέσουν δύο ἔτη, τὸ δὲ κόστος αὐτῶν ὑπολογίζεται εἰς 15.000.000 δολλάρια. Ὁ κ. Νίξον ἐπεσήμανεν ὅτι ἡ μείωσις τοῦ κόστους δὲν πρέπει νὰ γίνῃ εἰς βάρος τῆς ἀσφαλείας.

Τὸ κήρυγμα τῆς Κυριακῆς
ΑΔΙΚΑΙΟΛΟΓΗΤΗ ΑΠΙΣΤΙΑ
Ὑπὸ τοῦ Εὐαγγελικοῦ Ἱεροκήρυκος
ΣΠΥΡΟΥ ΖΩΔΙΑΤΗ

Μιὰ περίοδον ἑβδομάδα μετὰ τὸ «Ἔρχεται ἀπαρχὴν» τῶν Χριστιανῶν ἐπληροφόρησε εἶναι ἀπὸ τὰ τελευταῖα γεγονότα ποὺ ἔπραξε ὁ Χριστὸς καὶ ποὺ μᾶς διηγεῖται ἡ Καινὴ Διαθήκη. Ὅλοι θυμόμαστε τὴν ἀνάστασιν τοῦ Λαζάρου ἀπὸ τὸν τάφο, ἕνα θαῦμα ποὺ ἔκανε τοὺς ἀνθρώπους νὰ πιστέψουν εἰς τὸν Κύριον.

Ἡ ἀνάστασις τοῦ Λαζάρου μᾶς δείχνει ὅτι ὁ Χριστὸς εἶναι ὁ Κύριος τῆς ζωῆς καὶ τοῦ θανάτου. Πολλοὶ ὅμως, ἂν καὶ εἶδαν τὸ θαῦμα μὲ τὰ μάτια τους, ἔμειναν εἰς τὴν ἀπιστίαν τους. Αὐτὴ ἡ ἀπιστία εἶναι ἀδικαιολόγητη, διότι τὰ γεγονότα ἦσαν φανερὰ εἰς ὅλους.

Σήμερα ὁ Χριστὸς καλεῖ καὶ ἡμᾶς νὰ πιστέψωμεν. Ὅποιος πιστεύει εἰς Αὐτόν, κἂν ἀποθάνῃ, ζήσεται. Ἂς μὴ μείνωμεν εἰς τὴν ἀπιστίαν, ἀλλ' ἂς δεχθῶμεν τὸν Κύριον ὡς τὸν Σωτῆρα μας.

ΣΠΥΡΟΣ ΖΩΔΙΑΤΗΣ

Ὁ ἐπιθυμῶν νὰ λάβῃ ἓν κήρυγμα γράψατε πρὸς «Ὁ ΣΠΟΡΕΥΣ» Γραμματοκιβώτιον 387 — ΑΘΗΝΑΣ.

ΚΑΘΕΛΚΥΣΙΣ ΕΙΣ ΒΡΕΤΑΝΝΙΚΑ ΝΑΥΠΗΓΕΙΑ ΤΟ ΠΡΩΤΟΝ ΑΠΟ ΕΝΝΕΑ ΑΝΤΙΑΙΜΠΡΥΤ ΠΑΡΑΓΓΕΛΘΕΝΤΑ ΥΠΟ ΕΛΛΗΝΩΝ ΕΦΟΠΛΙΣΤΩΝ

ΛΟΝΔΙΝΟΝ, 10. (Ἠνωμ. Τύπος).— Καθειλκύσθη χθὲς εἰς τὰ ναυπηγεῖα τοῦ Σάντερλαντ τὸ πρῶτον ἐκ τῶν ἐννέα φορτηγῶν πλοίων τύπου «Λίμπερτυ» τὰ ὁποῖα παρήγγειλαν Ἕλληνες ἐφοπλισταί. Τὸ πλοῖον, ἐκτοπίσματος 15.000 τόννων, ὠνομάσθη «Ἀγγελική» καὶ θὰ παραδοθῇ εἰς τοὺς πλοιοκτήτας του μέσα εἰς τὸν προσεχῆ Ἰούνιον. Ὁ Ἕλλην πρέσβυς ἐχαιρέτισε τὴν τελετήν.

ΚΑΤΑΔΙΚΗ ΚΑΤΟΧΩΝ ΙΝΔΙΚΗΣ ΚΑΝΝΑΒΕΩΣ ΕΙΣ ΤΗΝ ΚΑΡΔΙΤΣΑΝ

ΚΑΡΔΙΤΣΑ, 10.— Ὑπὸ τοῦ τριμελοῦς πλημμελειοδικείου Καρδίτσης κατεδικάσθησαν χθὲς οἱ κάτοχοι ἰνδικῆς καννάβεως Ν. Κοτσιάνος καὶ Δ. Μπαλτᾶς εἰς φυλάκισιν, δεδομένου ὅτι κατείχον ποσότητα ναρκωτικῶν, ἡ ὁποία εὑρέθη εἰς τὴν οἰκίαν των κατὰ τὴν ἔρευναν τῆς ἀστυνομίας. Εἰς τὴν ὑπόθεσιν ἐνεπλάκη καὶ τρίτος, ὁ ὁποῖος κατεδικάσθη ἐπίσης.
